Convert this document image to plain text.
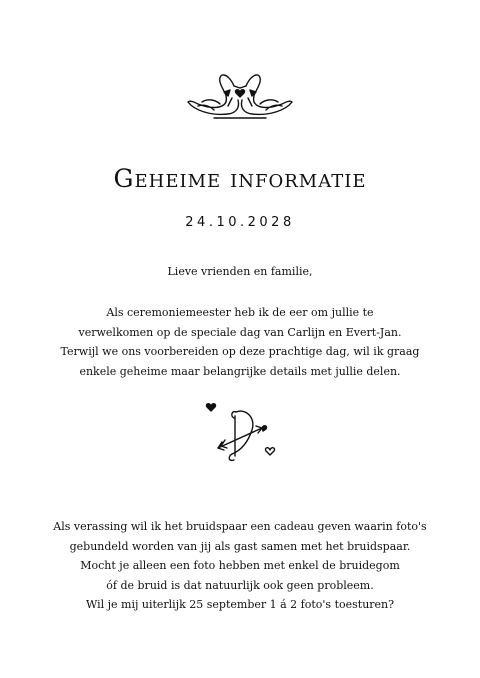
Geheime informatie
24.10.2028
Lieve vrienden en familie,
Als ceremoniemeester heb ik de eer om jullie te
verwelkomen op de speciale dag van Carlijn en Evert-Jan.
Terwijl we ons voorbereiden op deze prachtige dag, wil ik graag
enkele geheime maar belangrijke details met jullie delen.
Als verassing wil ik het bruidspaar een cadeau geven waarin foto's
gebundeld worden van jij als gast samen met het bruidspaar.
Mocht je alleen een foto hebben met enkel de bruidegom
óf de bruid is dat natuurlijk ook geen probleem.
Wil je mij uiterlijk 25 september 1 á 2 foto's toesturen?
